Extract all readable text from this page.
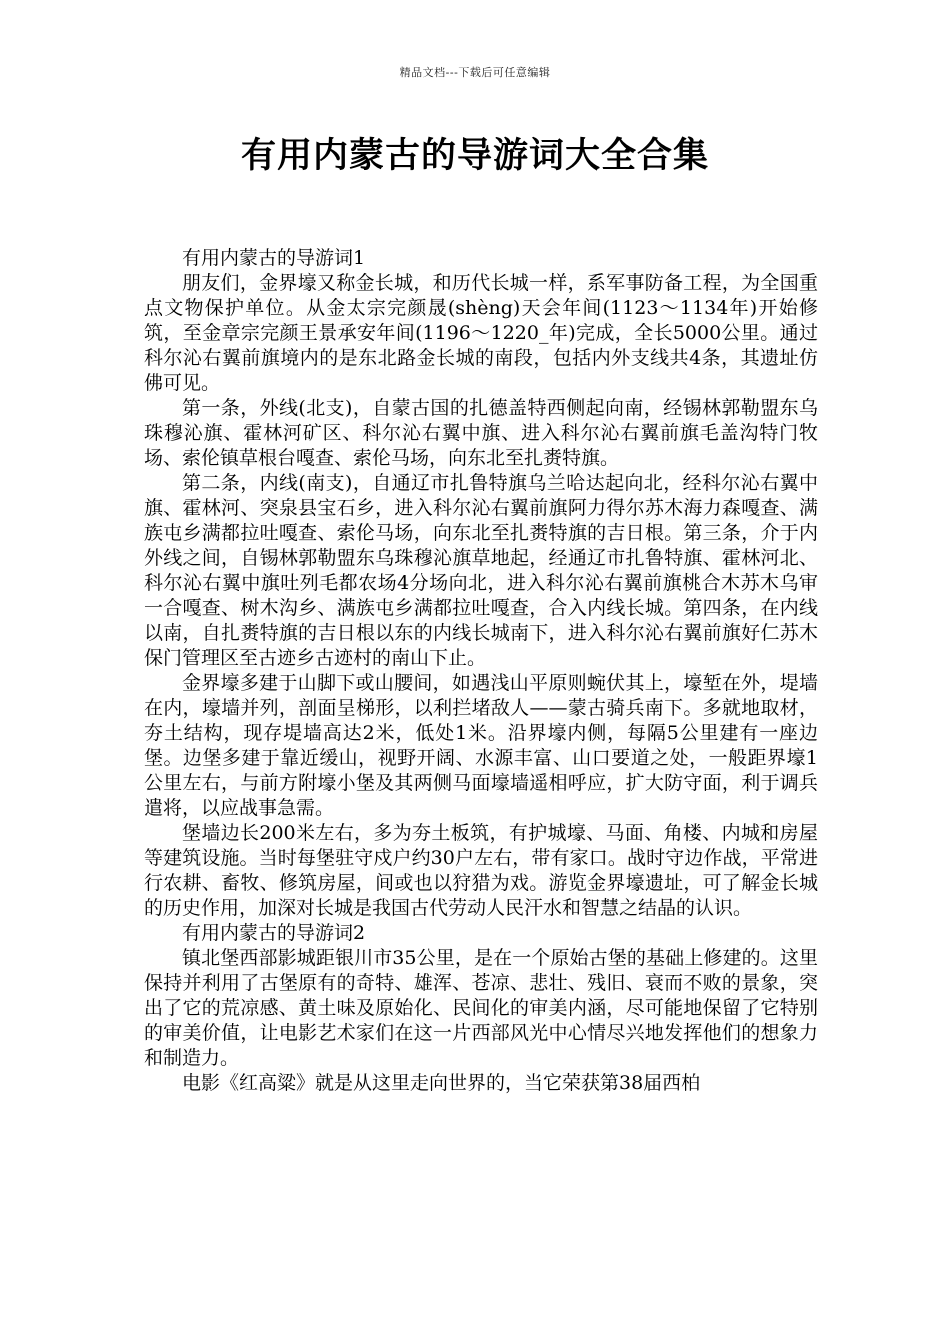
精品文档---下载后可任意编辑
有用内蒙古的导游词大全合集

有用内蒙古的导游词1

朋友们，金界壕又称金长城，和历代长城一样，系军事防备工程，为全国重点文物保护单位。从金太宗完颜晟(shèng)天会年间(1123～1134年)开始修筑，至金章宗完颜王景承安年间(1196～1220_年)完成，全长5000公里。通过科尔沁右翼前旗境内的是东北路金长城的南段，包括内外支线共4条，其遗址仿佛可见。

第一条，外线(北支)，自蒙古国的扎德盖特西侧起向南，经锡林郭勒盟东乌珠穆沁旗、霍林河矿区、科尔沁右翼中旗、进入科尔沁右翼前旗毛盖沟特门牧场、索伦镇草根台嘎查、索伦马场，向东北至扎赉特旗。

第二条，内线(南支)，自通辽市扎鲁特旗乌兰哈达起向北，经科尔沁右翼中旗、霍林河、突泉县宝石乡，进入科尔沁右翼前旗阿力得尔苏木海力森嘎查、满族屯乡满都拉吐嘎查、索伦马场，向东北至扎赉特旗的吉日根。第三条，介于内外线之间，自锡林郭勒盟东乌珠穆沁旗草地起，经通辽市扎鲁特旗、霍林河北、科尔沁右翼中旗吐列毛都农场4分场向北，进入科尔沁右翼前旗桃合木苏木乌审一合嘎查、树木沟乡、满族屯乡满都拉吐嘎查，合入内线长城。第四条，在内线以南，自扎赉特旗的吉日根以东的内线长城南下，进入科尔沁右翼前旗好仁苏木保门管理区至古迹乡古迹村的南山下止。

金界壕多建于山脚下或山腰间，如遇浅山平原则蜿伏其上，壕堑在外，堤墙在内，壕墙并列，剖面呈梯形，以利拦堵敌人——蒙古骑兵南下。多就地取材，夯土结构，现存堤墙高达2米，低处1米。沿界壕内侧，每隔5公里建有一座边堡。边堡多建于靠近缓山，视野开阔、水源丰富、山口要道之处，一般距界壕1公里左右，与前方附壕小堡及其两侧马面壕墙遥相呼应，扩大防守面，利于调兵遣将，以应战事急需。

堡墙边长200米左右，多为夯土板筑，有护城壕、马面、角楼、内城和房屋等建筑设施。当时每堡驻守戍户约30户左右，带有家口。战时守边作战，平常进行农耕、畜牧、修筑房屋，间或也以狩猎为戏。游览金界壕遗址，可了解金长城的历史作用，加深对长城是我国古代劳动人民汗水和智慧之结晶的认识。

有用内蒙古的导游词2

镇北堡西部影城距银川市35公里，是在一个原始古堡的基础上修建的。这里保持并利用了古堡原有的奇特、雄浑、苍凉、悲壮、残旧、衰而不败的景象，突出了它的荒凉感、黄土味及原始化、民间化的审美内涵，尽可能地保留了它特别的审美价值，让电影艺术家们在这一片西部风光中心情尽兴地发挥他们的想象力和制造力。

电影《红高粱》就是从这里走向世界的，当它荣获第38届西柏
